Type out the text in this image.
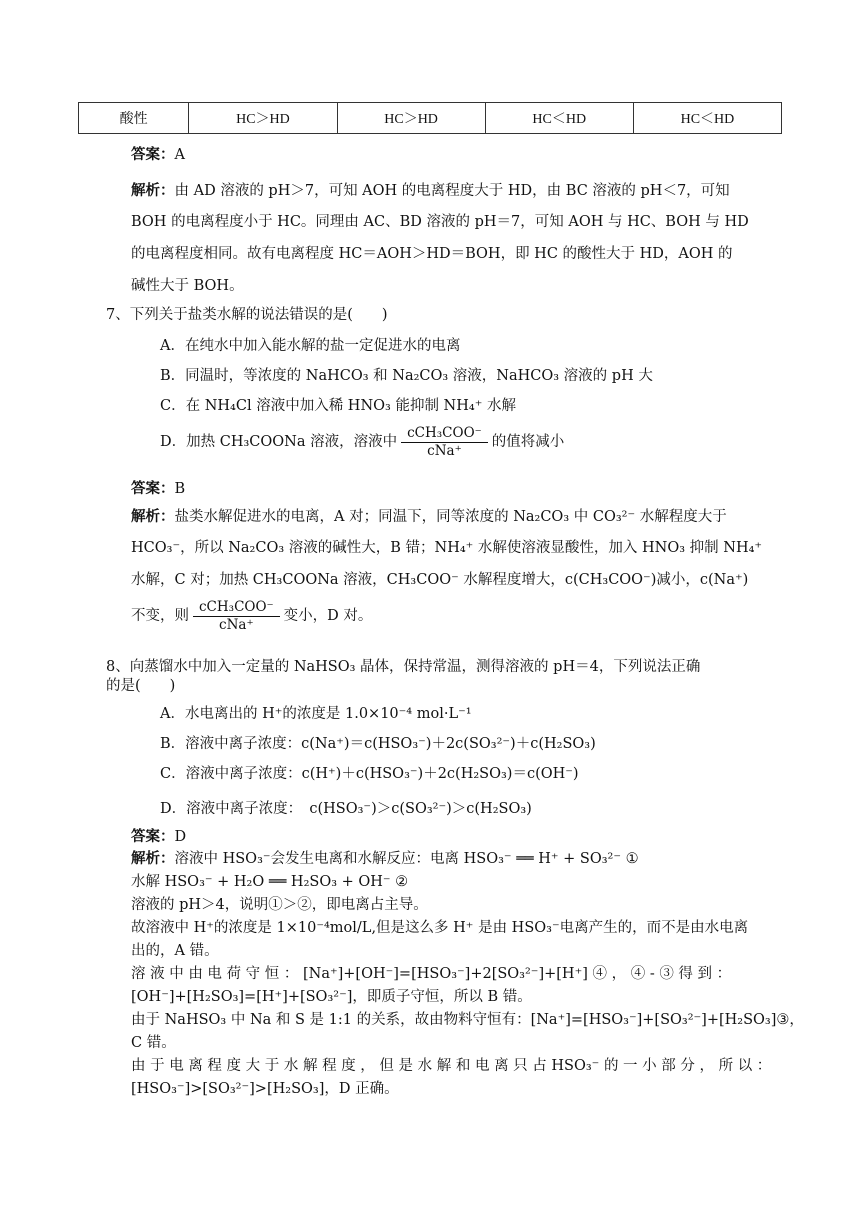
酸性	HC＞HD	HC＞HD	HC＜HD	HC＜HD
答案：A
解析：由 AD 溶液的 pH＞7，可知 AOH 的电离程度大于 HD，由 BC 溶液的 pH＜7，可知
BOH 的电离程度小于 HC。同理由 AC、BD 溶液的 pH＝7，可知 AOH 与 HC、BOH 与 HD
的电离程度相同。故有电离程度 HC＝AOH＞HD＝BOH，即 HC 的酸性大于 HD，AOH 的
碱性大于 BOH。
7、下列关于盐类水解的说法错误的是(　　)
A．在纯水中加入能水解的盐一定促进水的电离
B．同温时，等浓度的 NaHCO₃ 和 Na₂CO₃ 溶液，NaHCO₃ 溶液的 pH 大
C．在 NH₄Cl 溶液中加入稀 HNO₃ 能抑制 NH₄⁺ 水解
D．加热 CH₃COONa 溶液，溶液中 $\frac{\text{cCH₃COO⁻}}{\text{cNa⁺}}$ 的值将减小
答案：B
解析：盐类水解促进水的电离，A 对；同温下，同等浓度的 Na₂CO₃ 中 CO₃²⁻ 水解程度大于
HCO₃⁻，所以 Na₂CO₃ 溶液的碱性大，B 错；NH₄⁺ 水解使溶液显酸性，加入 HNO₃ 抑制 NH₄⁺
水解，C 对；加热 CH₃COONa 溶液，CH₃COO⁻ 水解程度增大，c(CH₃COO⁻)减小，c(Na⁺)
不变，则 $\frac{\text{cCH₃COO⁻}}{\text{cNa⁺}}$ 变小，D 对。
8、向蒸馏水中加入一定量的 NaHSO₃ 晶体，保持常温，测得溶液的 pH＝4，下列说法正确
的是(　　)
A．水电离出的 H⁺的浓度是 1.0×10⁻⁴ mol·L⁻¹
B．溶液中离子浓度：c(Na⁺)＝c(HSO₃⁻)＋2c(SO₃²⁻)＋c(H₂SO₃)
C．溶液中离子浓度：c(H⁺)＋c(HSO₃⁻)＋2c(H₂SO₃)＝c(OH⁻)
D．溶液中离子浓度：　c(HSO₃⁻)＞c(SO₃²⁻)＞c(H₂SO₃)
答案：D
解析：溶液中 HSO₃⁻会发生电离和水解反应：电离 HSO₃⁻ ══ H⁺ + SO₃²⁻ ①
水解 HSO₃⁻ + H₂O ══ H₂SO₃ + OH⁻ ②
溶液的 pH＞4，说明①＞②，即电离占主导。
故溶液中 H⁺的浓度是 1×10⁻⁴mol/L,但是这么多 H⁺ 是由 HSO₃⁻电离产生的，而不是由水电离
出的，A 错。
溶 液 中 由 电 荷 守 恒 ： [Na⁺]+[OH⁻]=[HSO₃⁻]+2[SO₃²⁻]+[H⁺] ④ ， ④ - ③ 得 到 ：
[OH⁻]+[H₂SO₃]=[H⁺]+[SO₃²⁻]，即质子守恒，所以 B 错。
由于 NaHSO₃ 中 Na 和 S 是 1:1 的关系，故由物料守恒有：[Na⁺]=[HSO₃⁻]+[SO₃²⁻]+[H₂SO₃]③，
C 错。
由 于 电 离 程 度 大 于 水 解 程 度 ， 但 是 水 解 和 电 离 只 占 HSO₃⁻ 的 一 小 部 分 ， 所 以 ：
[HSO₃⁻]>[SO₃²⁻]>[H₂SO₃]，D 正确。
